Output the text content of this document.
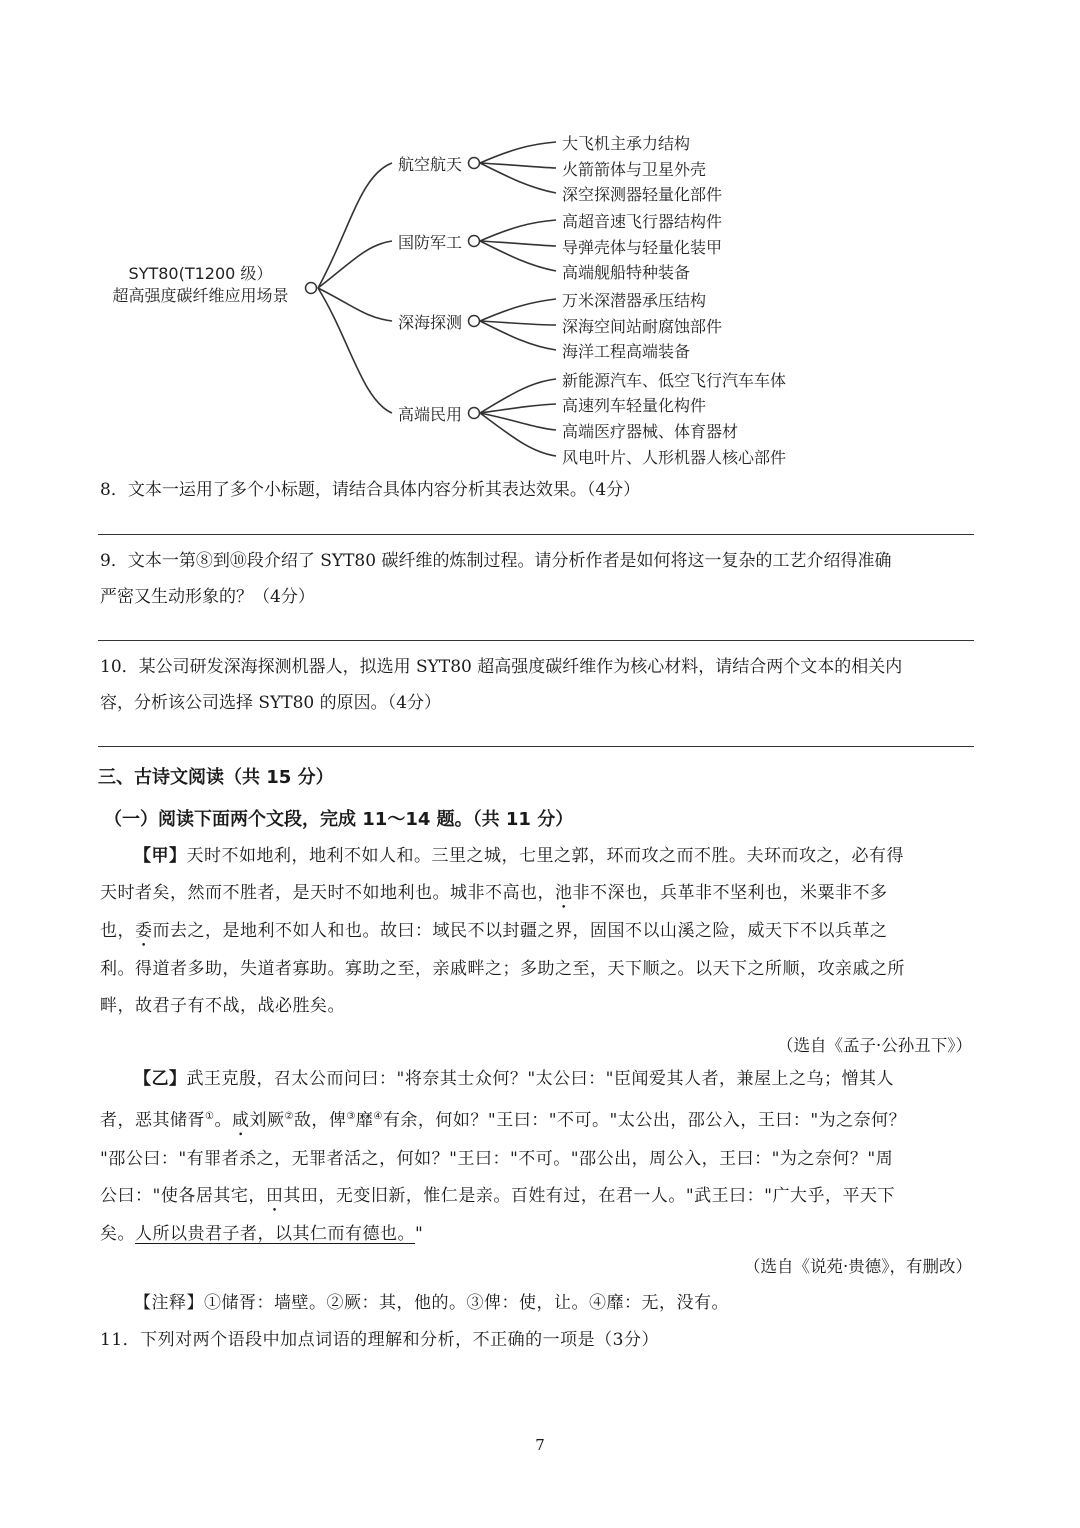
SYT80(T1200 级）
超高强度碳纤维应用场景
航空航天
国防军工
深海探测
高端民用
大飞机主承力结构
火箭箭体与卫星外壳
深空探测器轻量化部件
高超音速飞行器结构件
导弹壳体与轻量化装甲
高端舰船特种装备
万米深潜器承压结构
深海空间站耐腐蚀部件
海洋工程高端装备
新能源汽车、低空飞行汽车车体
高速列车轻量化构件
高端医疗器械、体育器材
风电叶片、人形机器人核心部件
8．文本一运用了多个小标题，请结合具体内容分析其表达效果。（4分）
9．文本一第⑧到⑩段介绍了 SYT80 碳纤维的炼制过程。请分析作者是如何将这一复杂的工艺介绍得准确
严密又生动形象的？（4分）
10．某公司研发深海探测机器人，拟选用 SYT80 超高强度碳纤维作为核心材料，请结合两个文本的相关内
容，分析该公司选择 SYT80 的原因。（4分）
三、古诗文阅读（共 15 分）
（一）阅读下面两个文段，完成 11～14 题。（共 11 分）
【甲】天时不如地利，地利不如人和。三里之城，七里之郭，环而攻之而不胜。夫环而攻之，必有得
天时者矣，然而不胜者，是天时不如地利也。城非不高也，池非不深也，兵革非不坚利也，米粟非不多
也，委而去之，是地利不如人和也。故曰：域民不以封疆之界，固国不以山溪之险，威天下不以兵革之
利。得道者多助，失道者寡助。寡助之至，亲戚畔之；多助之至，天下顺之。以天下之所顺，攻亲戚之所
畔，故君子有不战，战必胜矣。
（选自《孟子·公孙丑下》）
【乙】武王克殷，召太公而问曰："将奈其士众何？"太公曰："臣闻爱其人者，兼屋上之乌；憎其人
者，恶其储胥①。咸刘厥②敌，俾③靡④有余，何如？"王曰："不可。"太公出，邵公入，王曰："为之奈何？
"邵公曰："有罪者杀之，无罪者活之，何如？"王曰："不可。"邵公出，周公入，王曰："为之奈何？"周
公曰："使各居其宅，田其田，无变旧新，惟仁是亲。百姓有过，在君一人。"武王曰："广大乎，平天下
矣。人所以贵君子者，以其仁而有德也。"
（选自《说苑·贵德》，有删改）
【注释】①储胥：墙壁。②厥：其，他的。③俾：使，让。④靡：无，没有。
11．下列对两个语段中加点词语的理解和分析，不正确的一项是（3分）
7
